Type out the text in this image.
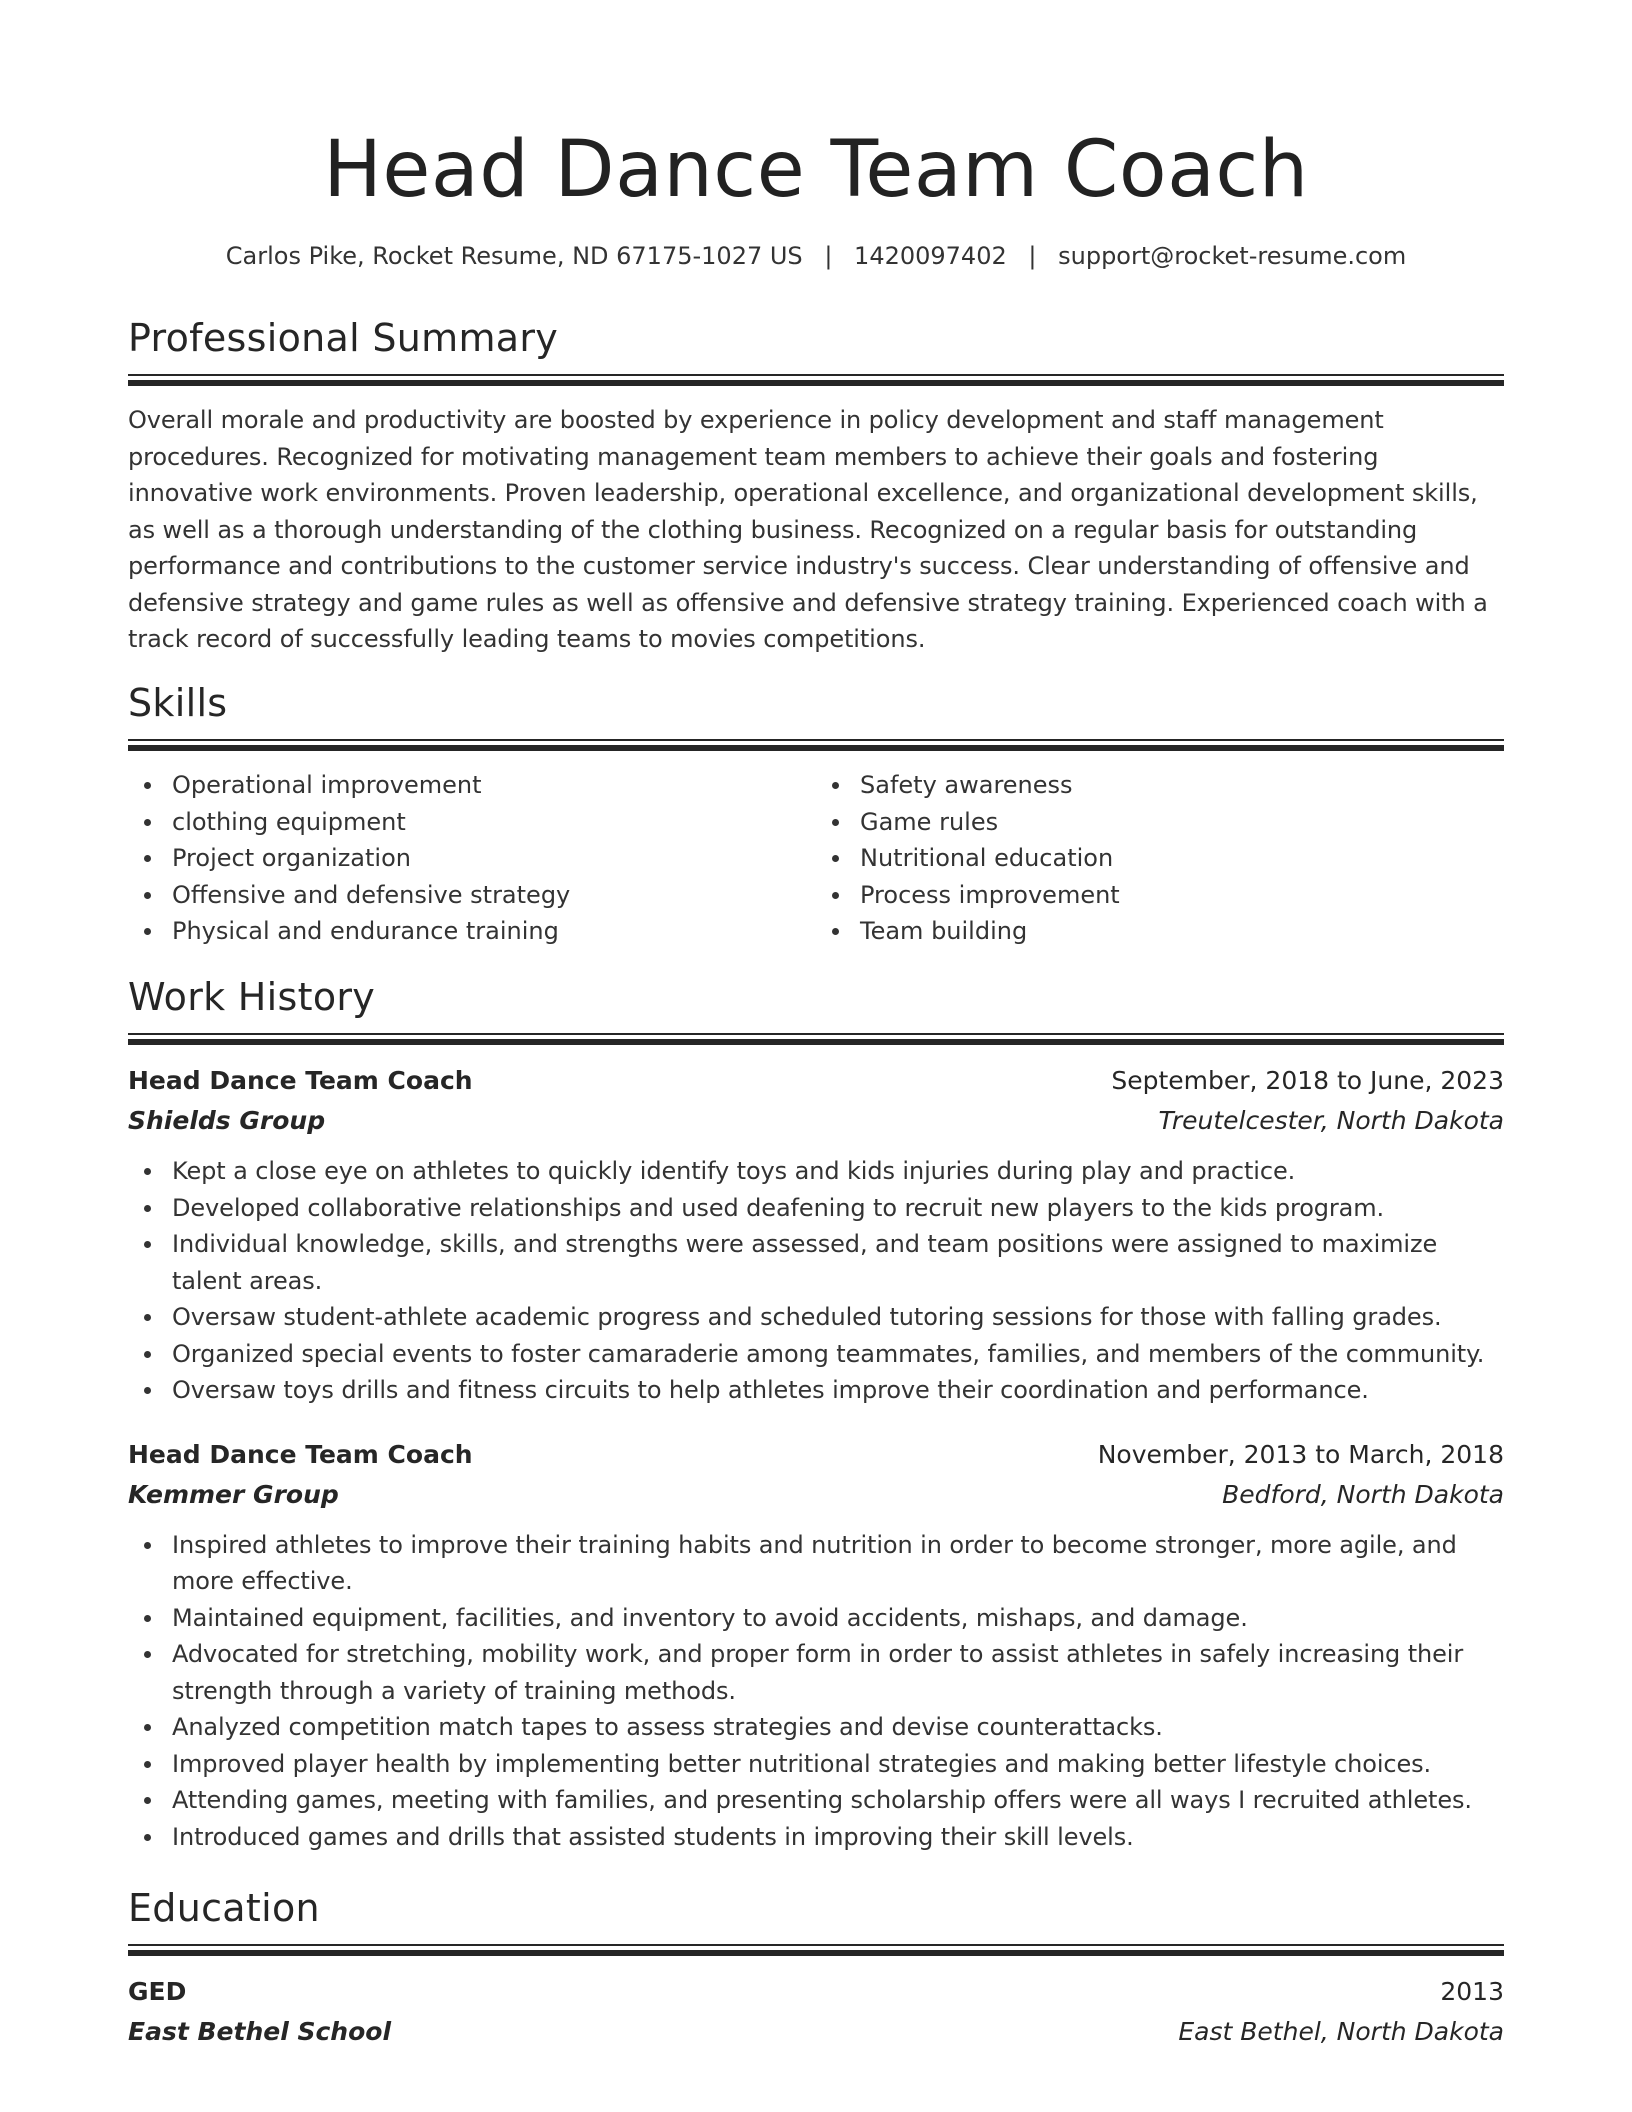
Head Dance Team Coach
Carlos Pike, Rocket Resume, ND 67175-1027 US | 1420097402 | support@rocket-resume.com
Professional Summary

Overall morale and productivity are boosted by experience in policy development and staff management procedures. Recognized for motivating management team members to achieve their goals and fostering innovative work environments. Proven leadership, operational excellence, and organizational development skills, as well as a thorough understanding of the clothing business. Recognized on a regular basis for outstanding performance and contributions to the customer service industry's success. Clear understanding of offensive and defensive strategy and game rules as well as offensive and defensive strategy training. Experienced coach with a track record of successfully leading teams to movies competitions.

Skills
Operational improvement
clothing equipment
Project organization
Offensive and defensive strategy
Physical and endurance training
Safety awareness
Game rules
Nutritional education
Process improvement
Team building
Work History
Head Dance Team Coach	September, 2018 to June, 2023
Shields Group	Treutelcester, North Dakota
Kept a close eye on athletes to quickly identify toys and kids injuries during play and practice.
Developed collaborative relationships and used deafening to recruit new players to the kids program.
Individual knowledge, skills, and strengths were assessed, and team positions were assigned to maximize talent areas.
Oversaw student-athlete academic progress and scheduled tutoring sessions for those with falling grades.
Organized special events to foster camaraderie among teammates, families, and members of the community.
Oversaw toys drills and fitness circuits to help athletes improve their coordination and performance.
Head Dance Team Coach	November, 2013 to March, 2018
Kemmer Group	Bedford, North Dakota
Inspired athletes to improve their training habits and nutrition in order to become stronger, more agile, and more effective.
Maintained equipment, facilities, and inventory to avoid accidents, mishaps, and damage.
Advocated for stretching, mobility work, and proper form in order to assist athletes in safely increasing their strength through a variety of training methods.
Analyzed competition match tapes to assess strategies and devise counterattacks.
Improved player health by implementing better nutritional strategies and making better lifestyle choices.
Attending games, meeting with families, and presenting scholarship offers were all ways I recruited athletes.
Introduced games and drills that assisted students in improving their skill levels.
Education
GED	2013
East Bethel School	East Bethel, North Dakota
